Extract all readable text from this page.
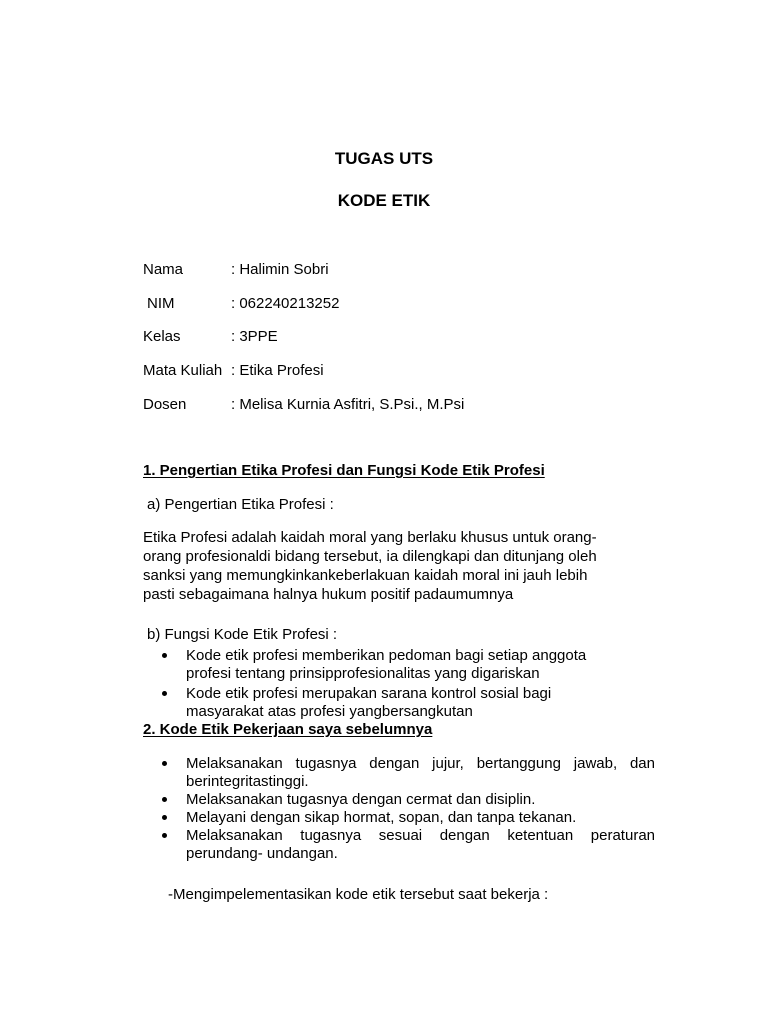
TUGAS UTS
KODE ETIK
Nama	: Halimin Sobri
NIM	: 062240213252
Kelas	: 3PPE
Mata Kuliah : Etika Profesi
Dosen	: Melisa Kurnia Asfitri, S.Psi., M.Psi
1. Pengertian Etika Profesi dan Fungsi Kode Etik Profesi
a) Pengertian Etika Profesi :
Etika Profesi adalah kaidah moral yang berlaku khusus untuk orang-
orang profesionaldi bidang tersebut, ia dilengkapi dan ditunjang oleh
sanksi yang memungkinkankeberlakuan kaidah moral ini jauh lebih
pasti sebagaimana halnya hukum positif padaumumnya
b) Fungsi Kode Etik Profesi :
Kode etik profesi memberikan pedoman bagi setiap anggota
profesi tentang prinsipprofesionalitas yang digariskan
Kode etik profesi merupakan sarana kontrol sosial bagi
masyarakat atas profesi yangbersangkutan
2. Kode Etik Pekerjaan saya sebelumnya
Melaksanakan tugasnya dengan jujur, bertanggung jawab, dan
berintegritastinggi.
Melaksanakan tugasnya dengan cermat dan disiplin.
Melayani dengan sikap hormat, sopan, dan tanpa tekanan.
Melaksanakan tugasnya sesuai dengan ketentuan peraturan
perundang- undangan.
-Mengimpelementasikan kode etik tersebut saat bekerja :
